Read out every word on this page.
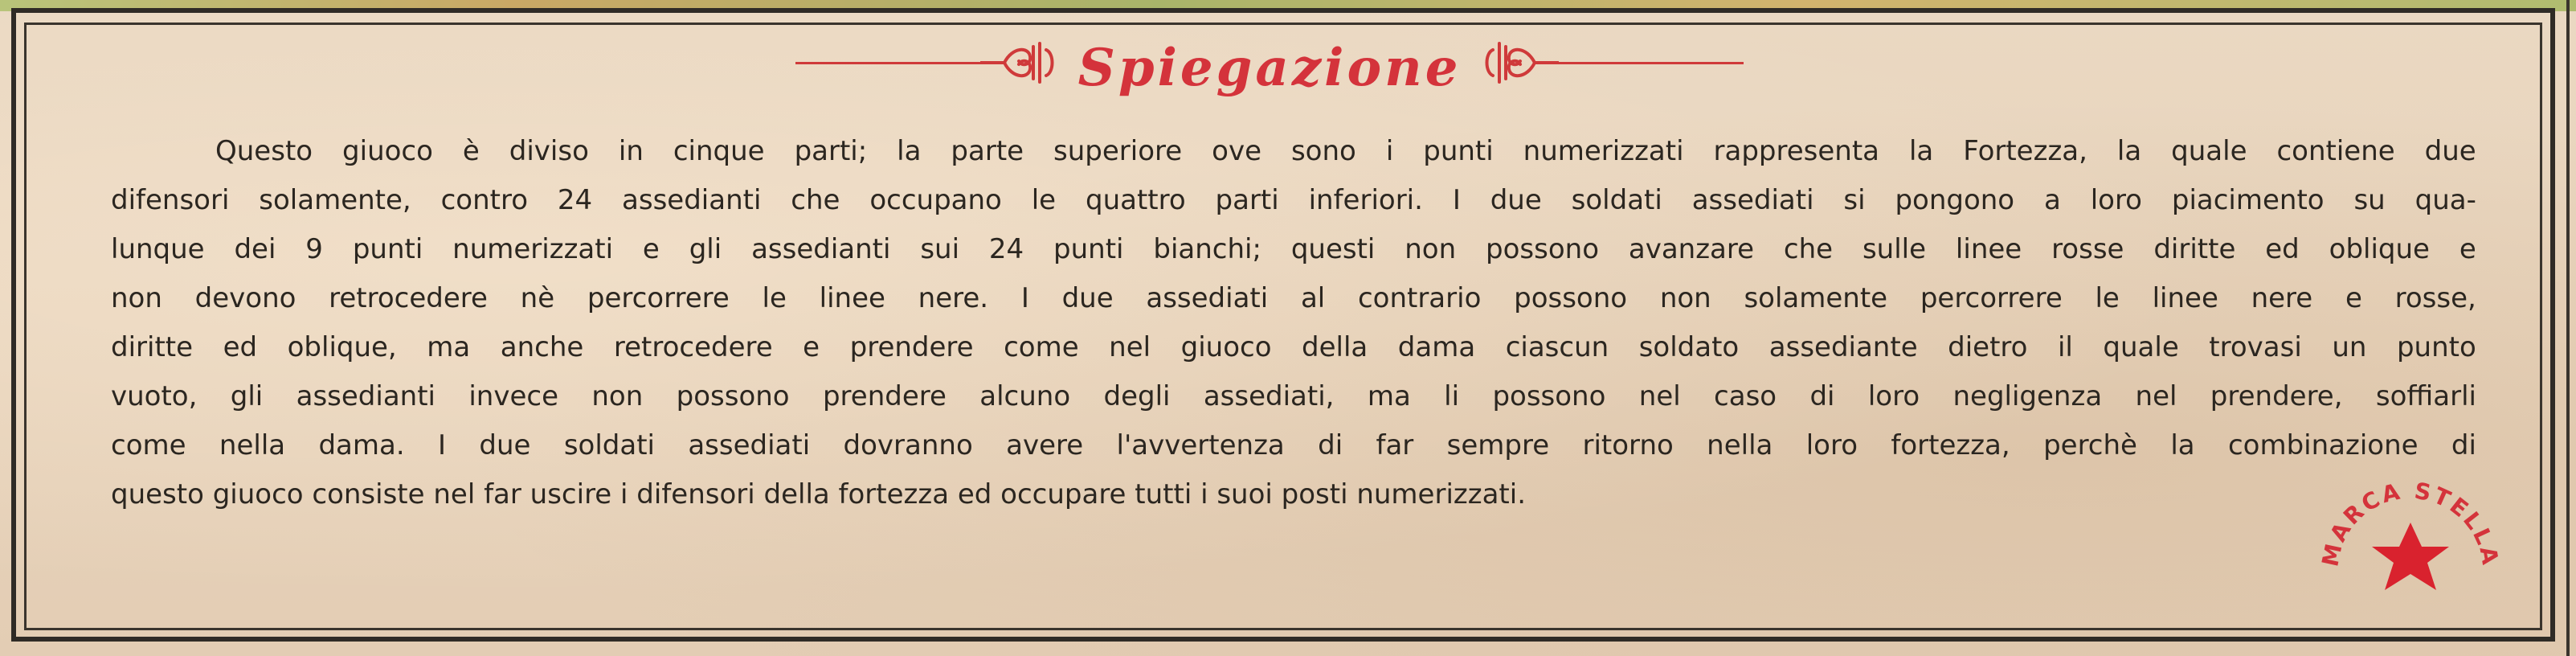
Spiegazione
Questo giuoco è diviso in cinque parti; la parte superiore ove sono i punti numerizzati rappresenta la Fortezza, la quale contiene due
difensori solamente, contro 24 assedianti che occupano le quattro parti inferiori. I due soldati assediati si pongono a loro piacimento su qua-
lunque dei 9 punti numerizzati e gli assedianti sui 24 punti bianchi; questi non possono avanzare che sulle linee rosse diritte ed oblique e
non devono retrocedere nè percorrere le linee nere. I due assediati al contrario possono non solamente percorrere le linee nere e rosse,
diritte ed oblique, ma anche retrocedere e prendere come nel giuoco della dama ciascun soldato assediante dietro il quale trovasi un punto
vuoto, gli assedianti invece non possono prendere alcuno degli assediati, ma li possono nel caso di loro negligenza nel prendere, soffiarli
come nella dama. I due soldati assediati dovranno avere l'avvertenza di far sempre ritorno nella loro fortezza, perchè la combinazione di
questo giuoco consiste nel far uscire i difensori della fortezza ed occupare tutti i suoi posti numerizzati.
MARCA STELLA
